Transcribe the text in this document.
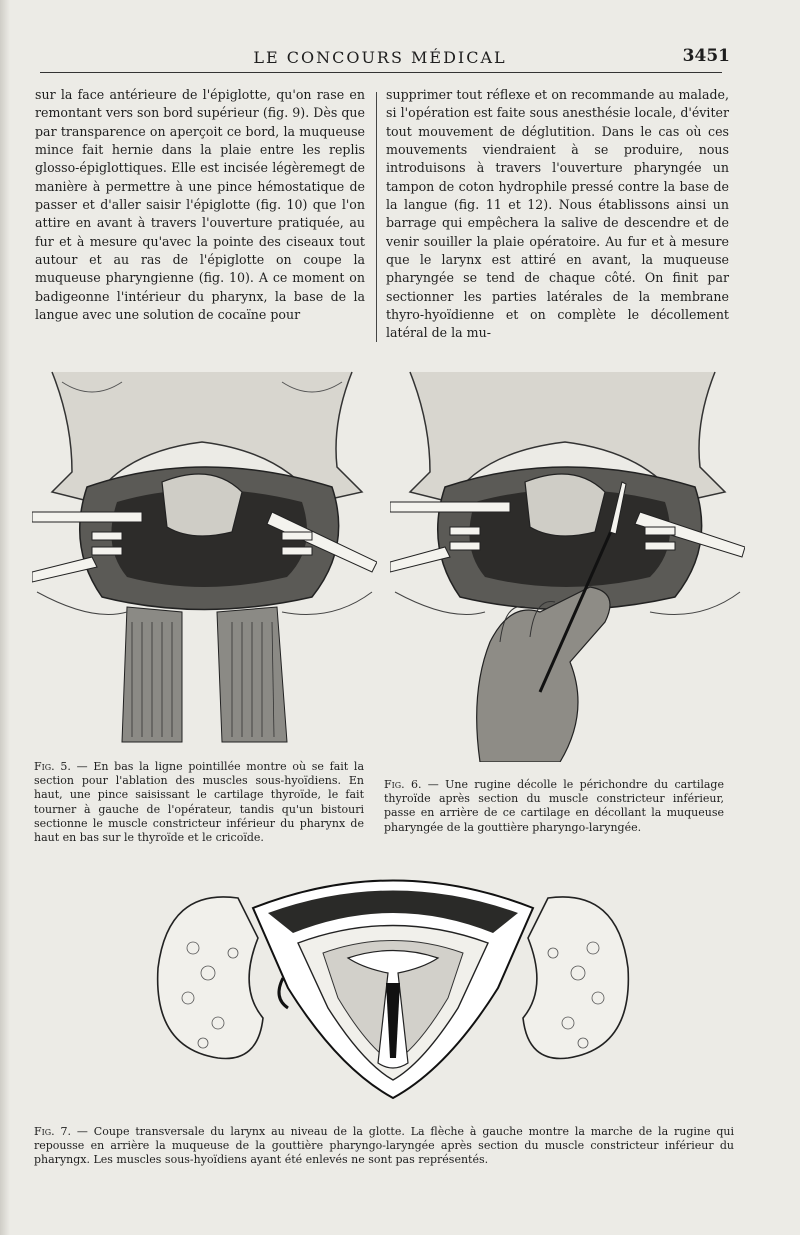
LE CONCOURS MÉDICAL	3451
sur la face antérieure de l'épiglotte, qu'on rase en remontant vers son bord supérieur (fig. 9). Dès que par transparence on aperçoit ce bord, la muqueuse mince fait hernie dans la plaie entre les replis glosso-épiglottiques. Elle est incisée légèremegt de manière à permettre à une pince hémostatique de passer et d'aller saisir l'épiglotte (fig. 10) que l'on attire en avant à travers l'ouverture pratiquée, au fur et à mesure qu'avec la pointe des ciseaux tout autour et au ras de l'épiglotte on coupe la muqueuse pharyngienne (fig. 10). A ce moment on badigeonne l'intérieur du pharynx, la base de la langue avec une solution de cocaïne pour
supprimer tout réflexe et on recommande au malade, si l'opération est faite sous anesthésie locale, d'éviter tout mouvement de déglutition. Dans le cas où ces mouvements viendraient à se produire, nous introduisons à travers l'ouverture pharyngée un tampon de coton hydrophile pressé contre la base de la langue (fig. 11 et 12). Nous établissons ainsi un barrage qui empêchera la salive de descendre et de venir souiller la plaie opératoire. Au fur et à mesure que le larynx est attiré en avant, la muqueuse pharyngée se tend de chaque côté. On finit par sectionner les parties latérales de la membrane thyro-hyoïdienne et on complète le décollement latéral de la mu-
Fig. 5. — En bas la ligne pointillée montre où se fait la section pour l'ablation des muscles sous-hyoïdiens. En haut, une pince saisissant le cartilage thyroïde, le fait tourner à gauche de l'opérateur, tandis qu'un bistouri sectionne le muscle constricteur inférieur du pharynx de haut en bas sur le thyroïde et le cricoïde.
Fig. 6. — Une rugine décolle le périchondre du cartilage thyroïde après section du muscle constricteur inférieur, passe en arrière de ce cartilage en décollant la muqueuse pharyngée de la gouttière pharyngo-laryngée.
Fig. 7. — Coupe transversale du larynx au niveau de la glotte. La flèche à gauche montre la marche de la rugine qui repousse en arrière la muqueuse de la gouttière pharyngo-laryngée après section du muscle constricteur inférieur du pharyngx. Les muscles sous-hyoïdiens ayant été enlevés ne sont pas représentés.
